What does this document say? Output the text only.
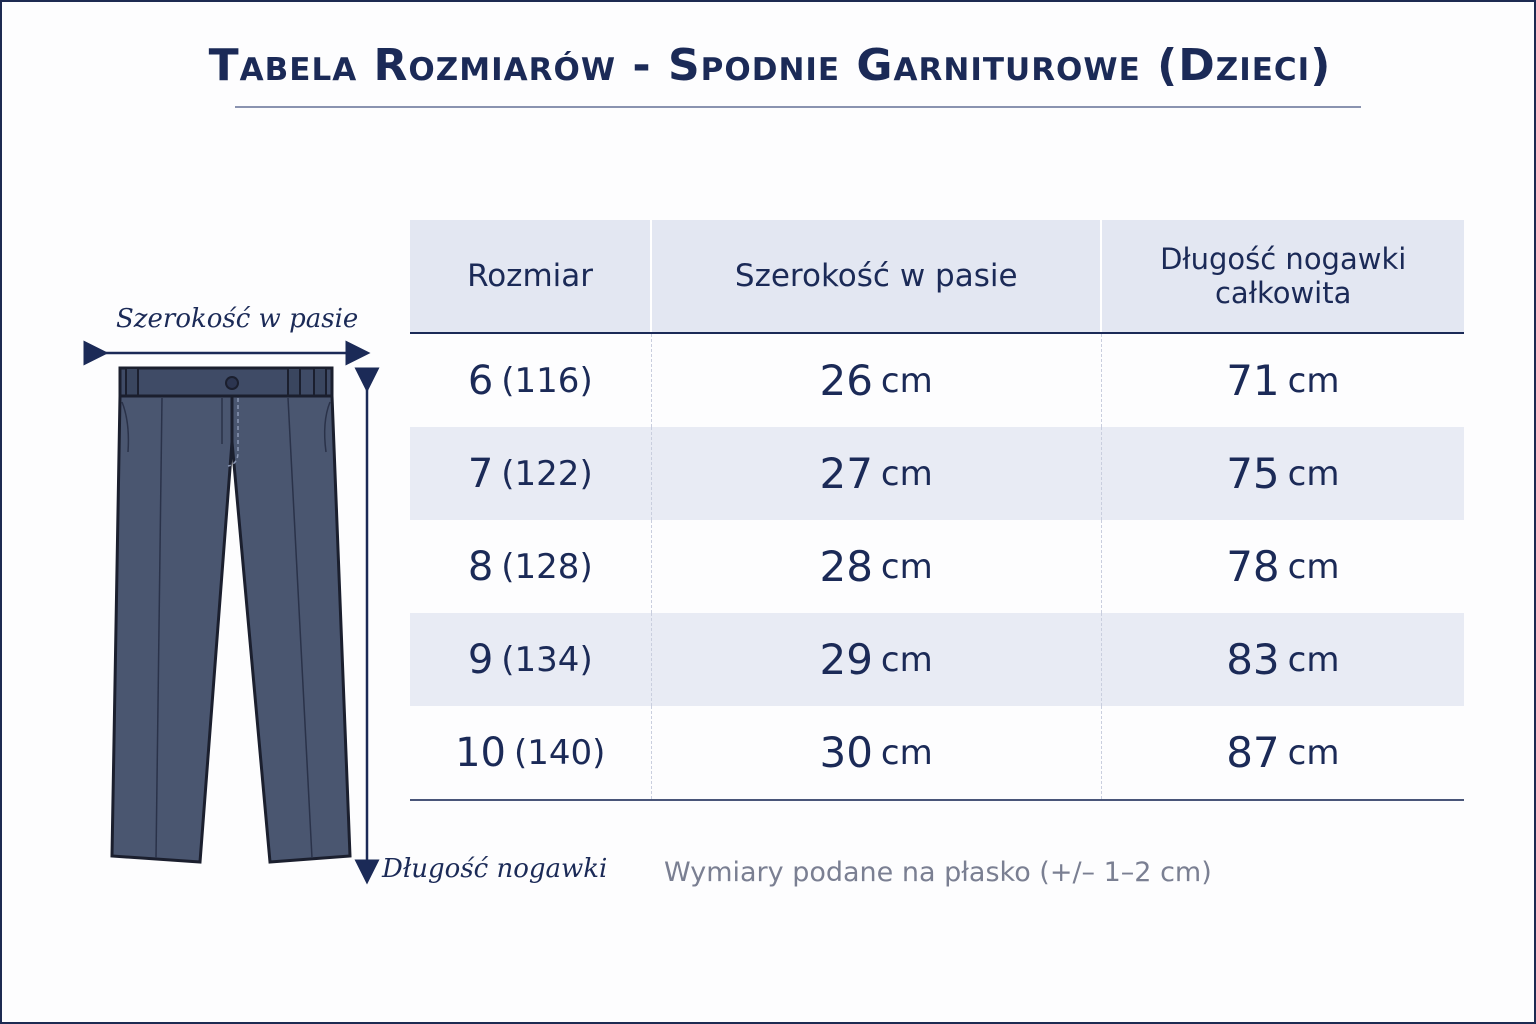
Tabela Rozmiarów - Spodnie Garniturowe (Dzieci)
Szerokość w pasie
Długość nogawki
Rozmiar	Szerokość w pasie	Długość nogawki
całkowita
6 (116)	26 cm	71 cm
7 (122)	27 cm	75 cm
8 (128)	28 cm	78 cm
9 (134)	29 cm	83 cm
10 (140)	30 cm	87 cm
Wymiary podane na płasko (+/– 1–2 cm)
